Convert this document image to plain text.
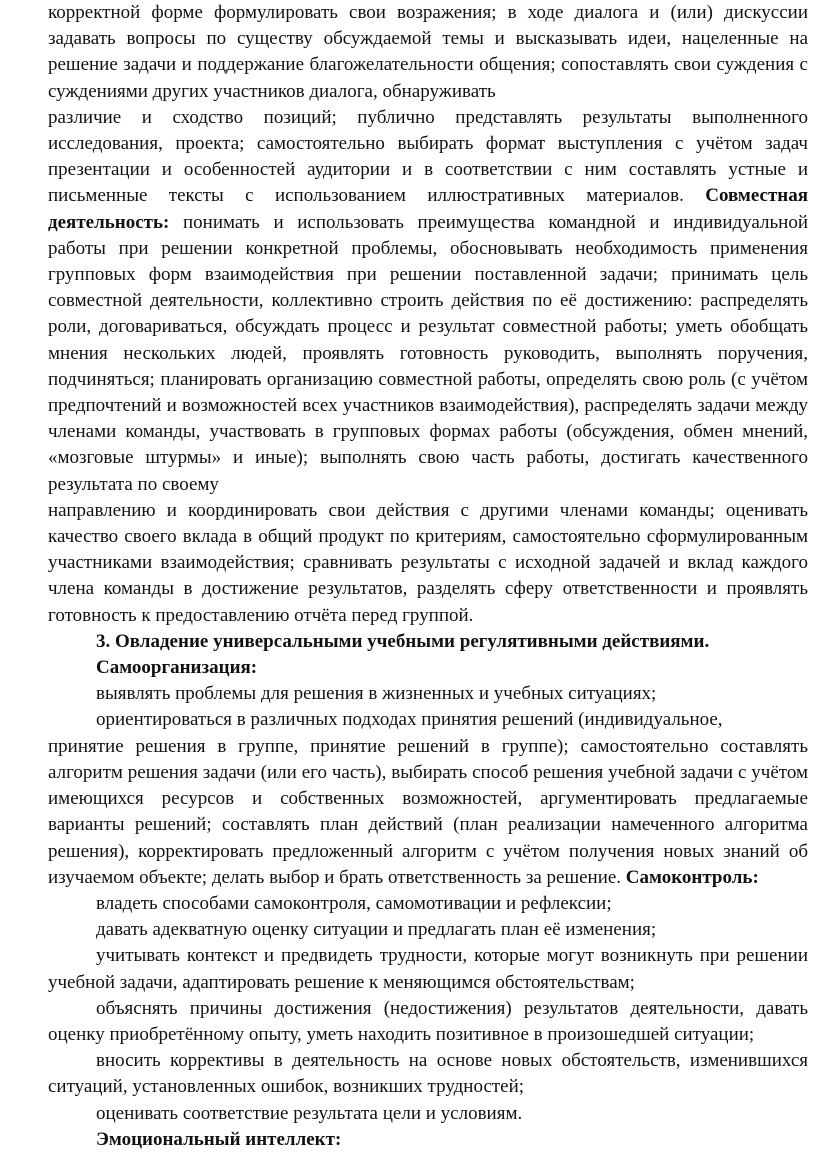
корректной форме формулировать свои возражения; в ходе диалога и (или) дискуссии задавать вопросы по существу обсуждаемой темы и высказывать идеи, нацеленные на решение задачи и поддержание благожелательности общения; сопоставлять свои суждения с суждениями других участников диалога, обнаруживать

различие и сходство позиций; публично представлять результаты выполненного исследования, проекта; самостоятельно выбирать формат выступления с учётом задач презентации и особенностей аудитории и в соответствии с ним составлять устные и письменные тексты с использованием иллюстративных материалов. Совместная деятельность: понимать и использовать преимущества командной и индивидуальной работы при решении конкретной проблемы, обосновывать необходимость применения групповых форм взаимодействия при решении поставленной задачи; принимать цель совместной деятельности, коллективно строить действия по её достижению: распределять роли, договариваться, обсуждать процесс и результат совместной работы; уметь обобщать мнения нескольких людей, проявлять готовность руководить, выполнять поручения, подчиняться; планировать организацию совместной работы, определять свою роль (с учётом предпочтений и возможностей всех участников взаимодействия), распределять задачи между членами команды, участвовать в групповых формах работы (обсуждения, обмен мнений, «мозговые штурмы» и иные); выполнять свою часть работы, достигать качественного результата по своему

направлению и координировать свои действия с другими членами команды; оценивать качество своего вклада в общий продукт по критериям, самостоятельно сформулированным участниками взаимодействия; сравнивать результаты с исходной задачей и вклад каждого члена команды в достижение результатов, разделять сферу ответственности и проявлять готовность к предоставлению отчёта перед группой.

3. Овладение универсальными учебными регулятивными действиями.

Самоорганизация:

выявлять проблемы для решения в жизненных и учебных ситуациях;

ориентироваться в различных подходах принятия решений (индивидуальное,

принятие решения в группе, принятие решений в группе); самостоятельно составлять алгоритм решения задачи (или его часть), выбирать способ решения учебной задачи с учётом имеющихся ресурсов и собственных возможностей, аргументировать предлагаемые варианты решений; составлять план действий (план реализации намеченного алгоритма решения), корректировать предложенный алгоритм с учётом получения новых знаний об изучаемом объекте; делать выбор и брать ответственность за решение. Самоконтроль:

владеть способами самоконтроля, самомотивации и рефлексии;

давать адекватную оценку ситуации и предлагать план её изменения;

учитывать контекст и предвидеть трудности, которые могут возникнуть при решении учебной задачи, адаптировать решение к меняющимся обстоятельствам;

объяснять причины достижения (недостижения) результатов деятельности, давать оценку приобретённому опыту, уметь находить позитивное в произошедшей ситуации;

вносить коррективы в деятельность на основе новых обстоятельств, изменившихся ситуаций, установленных ошибок, возникших трудностей;

оценивать соответствие результата цели и условиям.

Эмоциональный интеллект:
